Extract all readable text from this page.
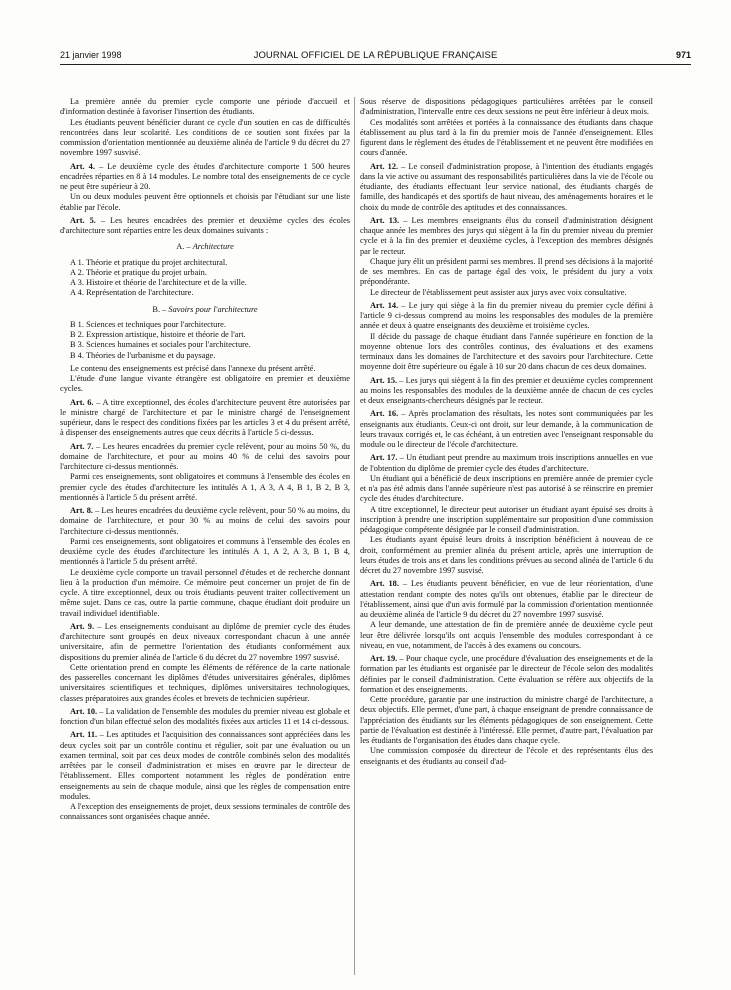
21 janvier 1998	JOURNAL OFFICIEL DE LA RÉPUBLIQUE FRANÇAISE	971

La première année du premier cycle comporte une période d'accueil et d'information destinée à favoriser l'insertion des étudiants.

Les étudiants peuvent bénéficier durant ce cycle d'un soutien en cas de difficultés rencontrées dans leur scolarité. Les conditions de ce soutien sont fixées par la commission d'orientation mentionnée au deuxième alinéa de l'article 9 du décret du 27 novembre 1997 susvisé.

Art. 4. – Le deuxième cycle des études d'architecture comporte 1 500 heures encadrées réparties en 8 à 14 modules. Le nombre total des enseignements de ce cycle ne peut être supérieur à 20.

Un ou deux modules peuvent être optionnels et choisis par l'étudiant sur une liste établie par l'école.

Art. 5. – Les heures encadrées des premier et deuxième cycles des écoles d'architecture sont réparties entre les deux domaines suivants :

A. – Architecture

A 1. Théorie et pratique du projet architectural.

A 2. Théorie et pratique du projet urbain.

A 3. Histoire et théorie de l'architecture et de la ville.

A 4. Représentation de l'architecture.

B. – Savoirs pour l'architecture

B 1. Sciences et techniques pour l'architecture.

B 2. Expression artistique, histoire et théorie de l'art.

B 3. Sciences humaines et sociales pour l'architecture.

B 4. Théories de l'urbanisme et du paysage.

Le contenu des enseignements est précisé dans l'annexe du présent arrêté.

L'étude d'une langue vivante étrangère est obligatoire en premier et deuxième cycles.

Art. 6. – A titre exceptionnel, des écoles d'architecture peuvent être autorisées par le ministre chargé de l'architecture et par le ministre chargé de l'enseignement supérieur, dans le respect des conditions fixées par les articles 3 et 4 du présent arrêté, à dispenser des enseignements autres que ceux décrits à l'article 5 ci-dessus.

Art. 7. – Les heures encadrées du premier cycle relèvent, pour au moins 50 %, du domaine de l'architecture, et pour au moins 40 % de celui des savoirs pour l'architecture ci-dessus mentionnés.

Parmi ces enseignements, sont obligatoires et communs à l'ensemble des écoles en premier cycle des études d'architecture les intitulés A 1, A 3, A 4, B 1, B 2, B 3, mentionnés à l'article 5 du présent arrêté.

Art. 8. – Les heures encadrées du deuxième cycle relèvent, pour 50 % au moins, du domaine de l'architecture, et pour 30 % au moins de celui des savoirs pour l'architecture ci-dessus mentionnés.

Parmi ces enseignements, sont obligatoires et communs à l'ensemble des écoles en deuxième cycle des études d'architecture les intitulés A 1, A 2, A 3, B 1, B 4, mentionnés à l'article 5 du présent arrêté.

Le deuxième cycle comporte un travail personnel d'études et de recherche donnant lieu à la production d'un mémoire. Ce mémoire peut concerner un projet de fin de cycle. A titre exceptionnel, deux ou trois étudiants peuvent traiter collectivement un même sujet. Dans ce cas, outre la partie commune, chaque étudiant doit produire un travail individuel identifiable.

Art. 9. – Les enseignements conduisant au diplôme de premier cycle des études d'architecture sont groupés en deux niveaux correspondant chacun à une année universitaire, afin de permettre l'orientation des étudiants conformément aux dispositions du premier alinéa de l'article 6 du décret du 27 novembre 1997 susvisé.

Cette orientation prend en compte les éléments de référence de la carte nationale des passerelles concernant les diplômes d'études universitaires générales, diplômes universitaires scientifiques et techniques, diplômes universitaires technologiques, classes préparatoires aux grandes écoles et brevets de technicien supérieur.

Art. 10. – La validation de l'ensemble des modules du premier niveau est globale et fonction d'un bilan effectué selon des modalités fixées aux articles 11 et 14 ci-dessous.

Art. 11. – Les aptitudes et l'acquisition des connaissances sont appréciées dans les deux cycles soit par un contrôle continu et régulier, soit par une évaluation ou un examen terminal, soit par ces deux modes de contrôle combinés selon des modalités arrêtées par le conseil d'administration et mises en œuvre par le directeur de l'établissement. Elles comportent notamment les règles de pondération entre enseignements au sein de chaque module, ainsi que les règles de compensation entre modules.

A l'exception des enseignements de projet, deux sessions terminales de contrôle des connaissances sont organisées chaque année.

Sous réserve de dispositions pédagogiques particulières arrêtées par le conseil d'administration, l'intervalle entre ces deux sessions ne peut être inférieur à deux mois.

Ces modalités sont arrêtées et portées à la connaissance des étudiants dans chaque établissement au plus tard à la fin du premier mois de l'année d'enseignement. Elles figurent dans le règlement des études de l'établissement et ne peuvent être modifiées en cours d'année.

Art. 12. – Le conseil d'administration propose, à l'intention des étudiants engagés dans la vie active ou assumant des responsabilités particulières dans la vie de l'école ou étudiante, des étudiants effectuant leur service national, des étudiants chargés de famille, des handicapés et des sportifs de haut niveau, des aménagements horaires et le choix du mode de contrôle des aptitudes et des connaissances.

Art. 13. – Les membres enseignants élus du conseil d'administration désignent chaque année les membres des jurys qui siègent à la fin du premier niveau du premier cycle et à la fin des premier et deuxième cycles, à l'exception des membres désignés par le recteur.

Chaque jury élit un président parmi ses membres. Il prend ses décisions à la majorité de ses membres. En cas de partage égal des voix, le président du jury a voix prépondérante.

Le directeur de l'établissement peut assister aux jurys avec voix consultative.

Art. 14. – Le jury qui siège à la fin du premier niveau du premier cycle défini à l'article 9 ci-dessus comprend au moins les responsables des modules de la première année et deux à quatre enseignants des deuxième et troisième cycles.

Il décide du passage de chaque étudiant dans l'année supérieure en fonction de la moyenne obtenue lors des contrôles continus, des évaluations et des examens terminaux dans les domaines de l'architecture et des savoirs pour l'architecture. Cette moyenne doit être supérieure ou égale à 10 sur 20 dans chacun de ces deux domaines.

Art. 15. – Les jurys qui siègent à la fin des premier et deuxième cycles comprennent au moins les responsables des modules de la deuxième année de chacun de ces cycles et deux enseignants-chercheurs désignés par le recteur.

Art. 16. – Après proclamation des résultats, les notes sont communiquées par les enseignants aux étudiants. Ceux-ci ont droit, sur leur demande, à la communication de leurs travaux corrigés et, le cas échéant, à un entretien avec l'enseignant responsable du module ou le directeur de l'école d'architecture.

Art. 17. – Un étudiant peut prendre au maximum trois inscriptions annuelles en vue de l'obtention du diplôme de premier cycle des études d'architecture.

Un étudiant qui a bénéficié de deux inscriptions en première année de premier cycle et n'a pas été admis dans l'année supérieure n'est pas autorisé à se réinscrire en premier cycle des études d'architecture.

A titre exceptionnel, le directeur peut autoriser un étudiant ayant épuisé ses droits à inscription à prendre une inscription supplémentaire sur proposition d'une commission pédagogique compétente désignée par le conseil d'administration.

Les étudiants ayant épuisé leurs droits à inscription bénéficient à nouveau de ce droit, conformément au premier alinéa du présent article, après une interruption de leurs études de trois ans et dans les conditions prévues au second alinéa de l'article 6 du décret du 27 novembre 1997 susvisé.

Art. 18. – Les étudiants peuvent bénéficier, en vue de leur réorientation, d'une attestation rendant compte des notes qu'ils ont obtenues, établie par le directeur de l'établissement, ainsi que d'un avis formulé par la commission d'orientation mentionnée au deuxième alinéa de l'article 9 du décret du 27 novembre 1997 susvisé.

A leur demande, une attestation de fin de première année de deuxième cycle peut leur être délivrée lorsqu'ils ont acquis l'ensemble des modules correspondant à ce niveau, en vue, notamment, de l'accès à des examens ou concours.

Art. 19. – Pour chaque cycle, une procédure d'évaluation des enseignements et de la formation par les étudiants est organisée par le directeur de l'école selon des modalités définies par le conseil d'administration. Cette évaluation se réfère aux objectifs de la formation et des enseignements.

Cette procédure, garantie par une instruction du ministre chargé de l'architecture, a deux objectifs. Elle permet, d'une part, à chaque enseignant de prendre connaissance de l'appréciation des étudiants sur les éléments pédagogiques de son enseignement. Cette partie de l'évaluation est destinée à l'intéressé. Elle permet, d'autre part, l'évaluation par les étudiants de l'organisation des études dans chaque cycle.

Une commission composée du directeur de l'école et des représentants élus des enseignants et des étudiants au conseil d'ad-
